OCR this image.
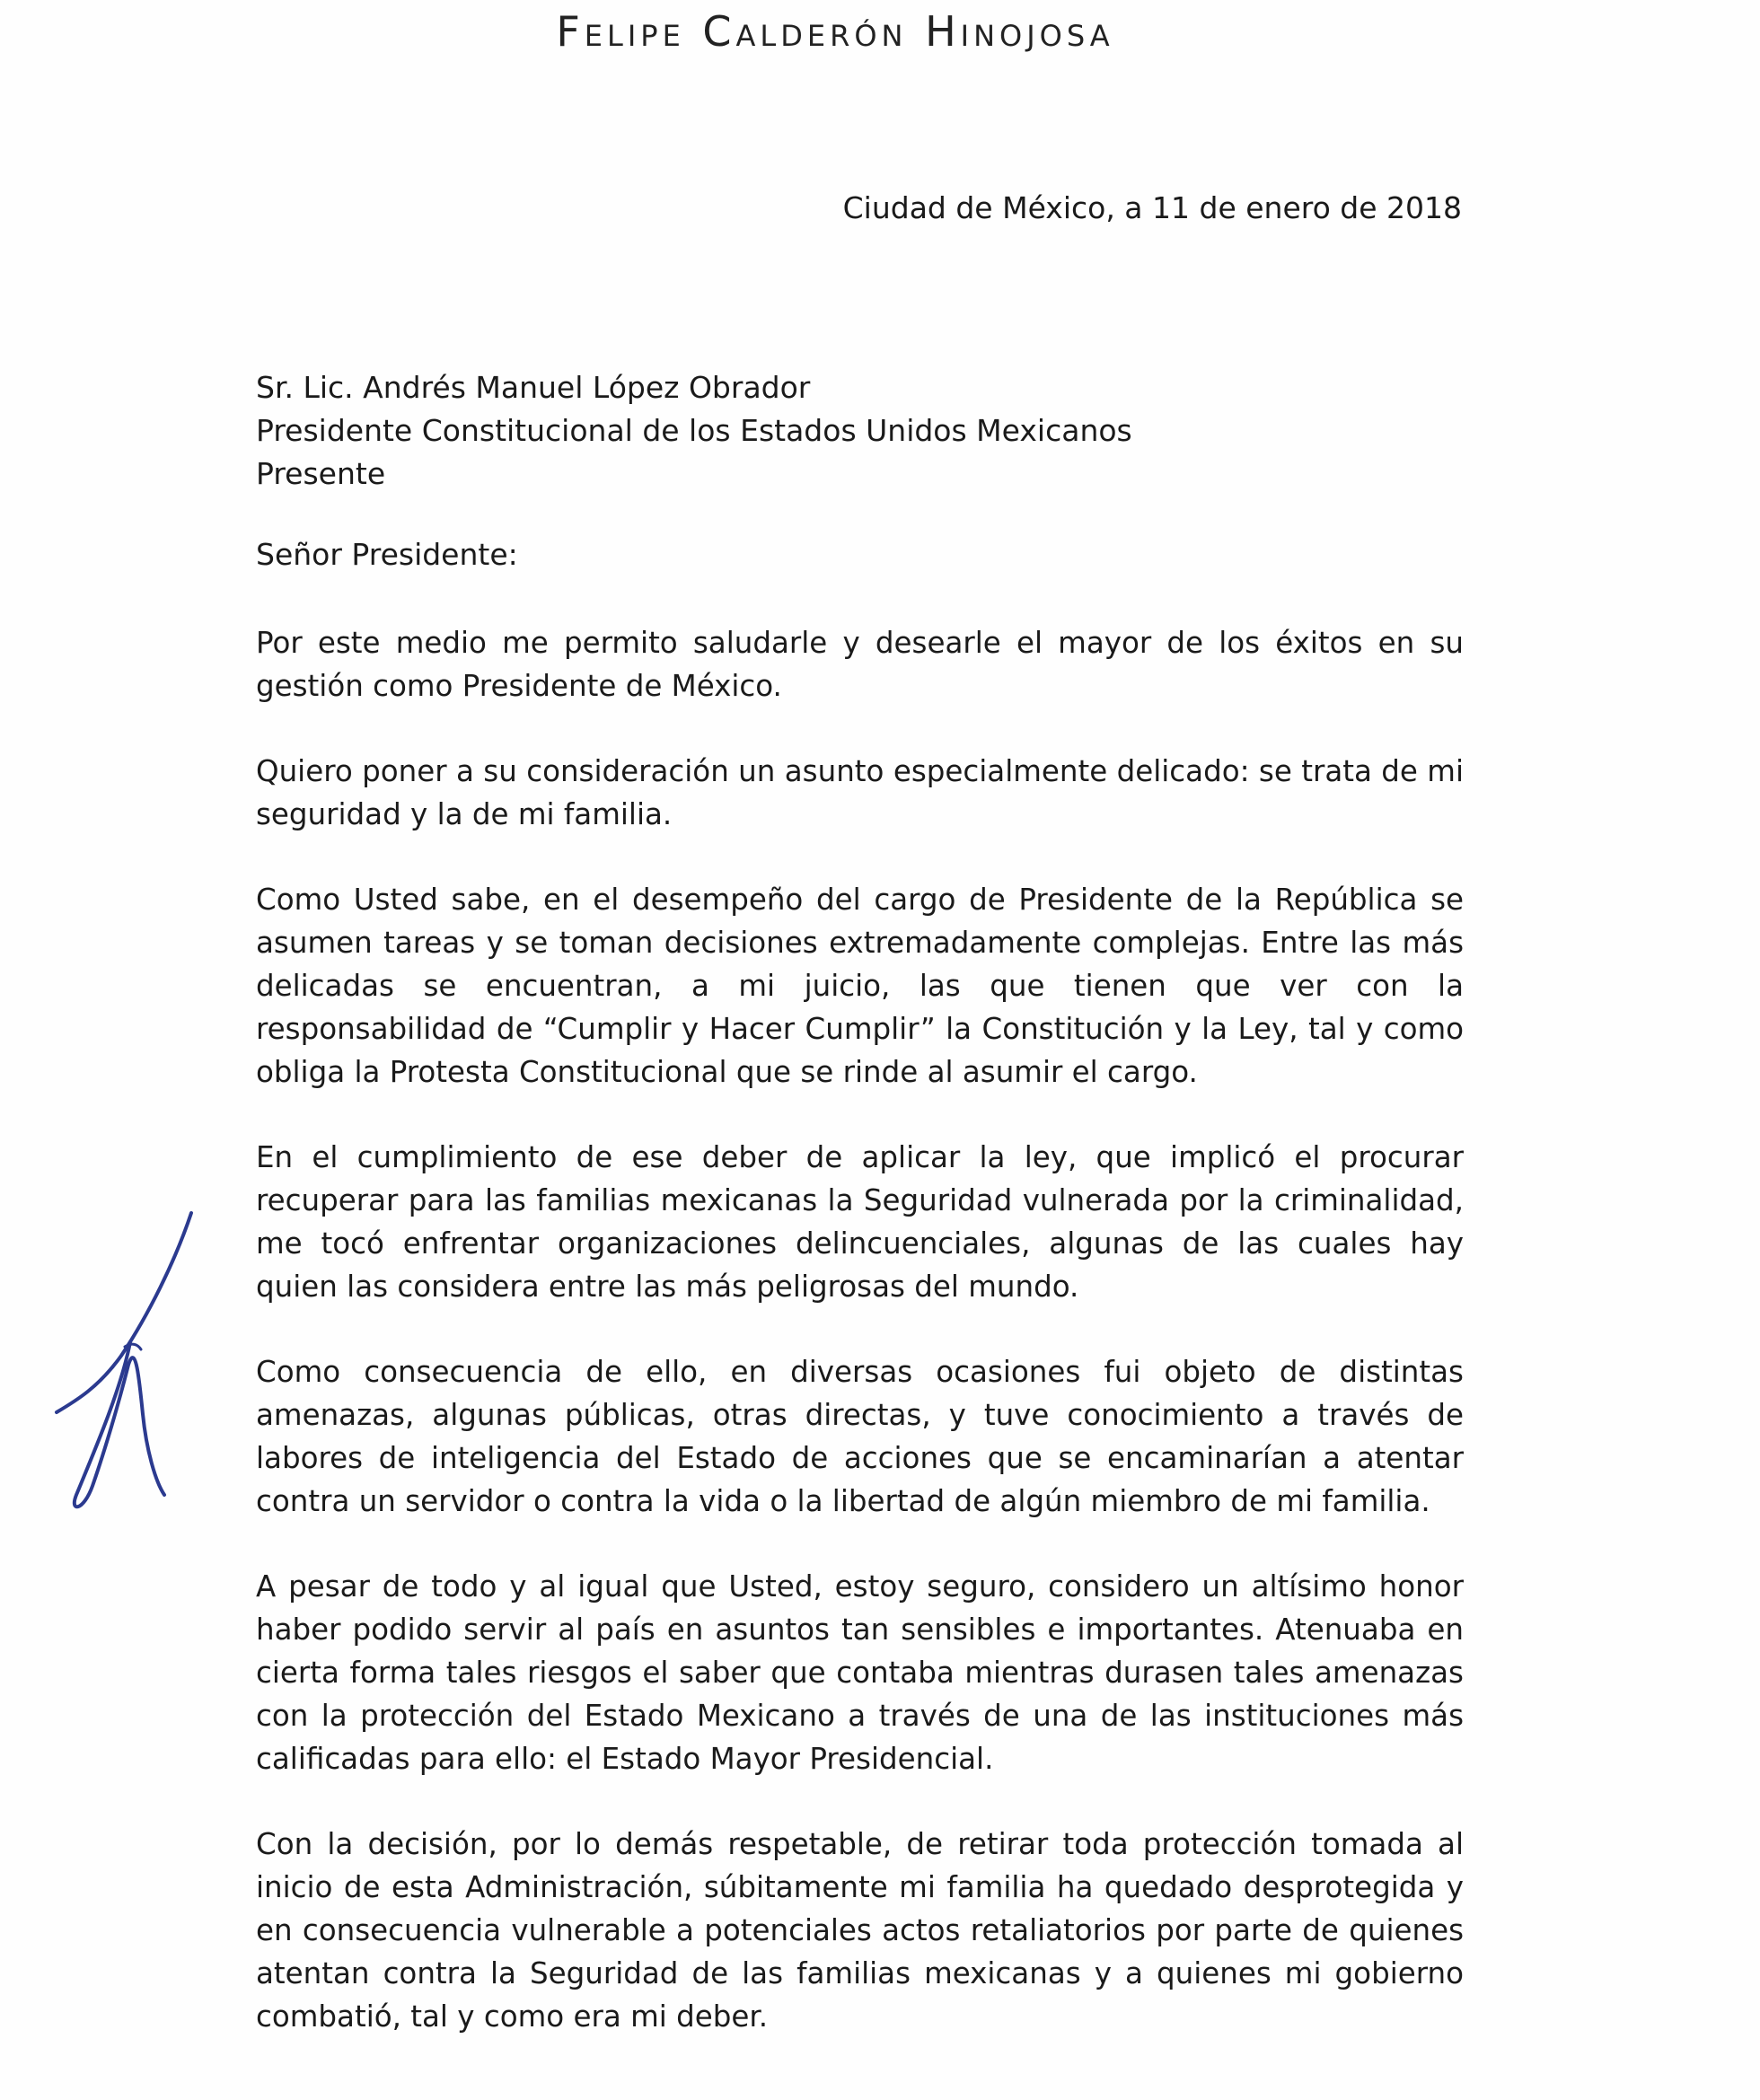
Felipe Calderón Hinojosa
Ciudad de México, a 11 de enero de 2018
Sr. Lic. Andrés Manuel López Obrador
Presidente Constitucional de los Estados Unidos Mexicanos
Presente
Señor Presidente:

Por este medio me permito saludarle y desearle el mayor de los éxitos en su gestión como Presidente de México.

Quiero poner a su consideración un asunto especialmente delicado: se trata de mi seguridad y la de mi familia.

Como Usted sabe, en el desempeño del cargo de Presidente de la República se asumen tareas y se toman decisiones extremadamente complejas. Entre las más delicadas se encuentran, a mi juicio, las que tienen que ver con la responsabilidad de “Cumplir y Hacer Cumplir” la Constitución y la Ley, tal y como obliga la Protesta Constitucional que se rinde al asumir el cargo.

En el cumplimiento de ese deber de aplicar la ley, que implicó el procurar recuperar para las familias mexicanas la Seguridad vulnerada por la criminalidad, me tocó enfrentar organizaciones delincuenciales, algunas de las cuales hay quien las considera entre las más peligrosas del mundo.

Como consecuencia de ello, en diversas ocasiones fui objeto de distintas amenazas, algunas públicas, otras directas, y tuve conocimiento a través de labores de inteligencia del Estado de acciones que se encaminarían a atentar contra un servidor o contra la vida o la libertad de algún miembro de mi familia.

A pesar de todo y al igual que Usted, estoy seguro, considero un altísimo honor haber podido servir al país en asuntos tan sensibles e importantes. Atenuaba en cierta forma tales riesgos el saber que contaba mientras durasen tales amenazas con la protección del Estado Mexicano a través de una de las instituciones más calificadas para ello: el Estado Mayor Presidencial.

Con la decisión, por lo demás respetable, de retirar toda protección tomada al inicio de esta Administración, súbitamente mi familia ha quedado desprotegida y en consecuencia vulnerable a potenciales actos retaliatorios por parte de quienes atentan contra la Seguridad de las familias mexicanas y a quienes mi gobierno combatió, tal y como era mi deber.
